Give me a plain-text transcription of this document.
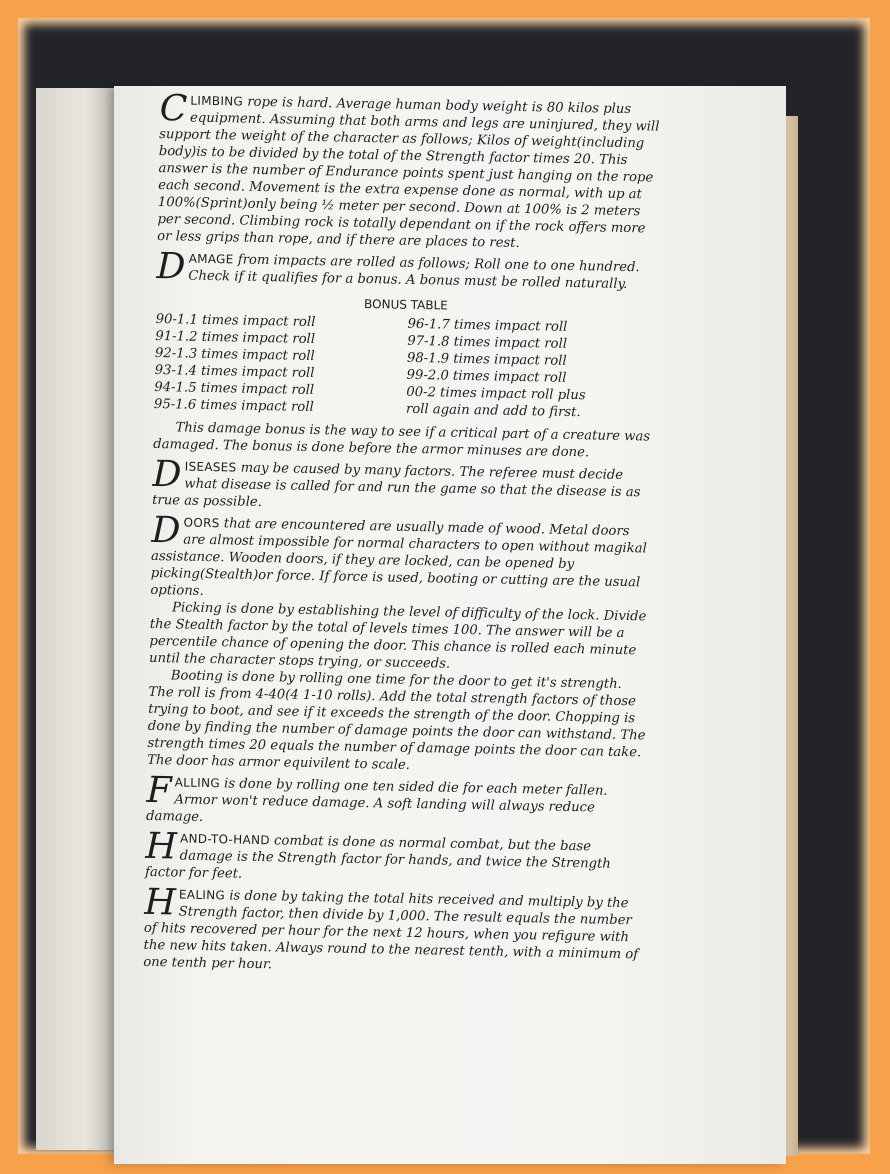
CLIMBING rope is hard. Average human body weight is 80 kilos plus equipment. Assuming that both arms and legs are uninjured, they will support the weight of the character as follows; Kilos of weight(including body)is to be divided by the total of the Strength factor times 20. This answer is the number of Endurance points spent just hanging on the rope each second. Movement is the extra expense done as normal, with up at 100%(Sprint)only being ½ meter per second. Down at 100% is 2 meters per second. Climbing rock is totally dependant on if the rock offers more or less grips than rope, and if there are places to rest.

DAMAGE from impacts are rolled as follows; Roll one to one hundred. Check if it qualifies for a bonus. A bonus must be rolled naturally.

BONUS TABLE
90-1.1 times impact roll
91-1.2 times impact roll
92-1.3 times impact roll
93-1.4 times impact roll
94-1.5 times impact roll
95-1.6 times impact roll
96-1.7 times impact roll
97-1.8 times impact roll
98-1.9 times impact roll
99-2.0 times impact roll
00-2 times impact roll plus
roll again and add to first.

This damage bonus is the way to see if a critical part of a creature was damaged. The bonus is done before the armor minuses are done.

DISEASES may be caused by many factors. The referee must decide what disease is called for and run the game so that the disease is as true as possible.

DOORS that are encountered are usually made of wood. Metal doors are almost impossible for normal characters to open without magikal assistance. Wooden doors, if they are locked, can be opened by picking(Stealth)or force. If force is used, booting or cutting are the usual options.

Picking is done by establishing the level of difficulty of the lock. Divide the Stealth factor by the total of levels times 100. The answer will be a percentile chance of opening the door. This chance is rolled each minute until the character stops trying, or succeeds.

Booting is done by rolling one time for the door to get it's strength. The roll is from 4-40(4 1-10 rolls). Add the total strength factors of those trying to boot, and see if it exceeds the strength of the door. Chopping is done by finding the number of damage points the door can withstand. The strength times 20 equals the number of damage points the door can take. The door has armor equivilent to scale.

FALLING is done by rolling one ten sided die for each meter fallen. Armor won't reduce damage. A soft landing will always reduce damage.

HAND-TO-HAND combat is done as normal combat, but the base damage is the Strength factor for hands, and twice the Strength factor for feet.

HEALING is done by taking the total hits received and multiply by the Strength factor, then divide by 1,000. The result equals the number of hits recovered per hour for the next 12 hours, when you refigure with the new hits taken. Always round to the nearest tenth, with a minimum of one tenth per hour.
